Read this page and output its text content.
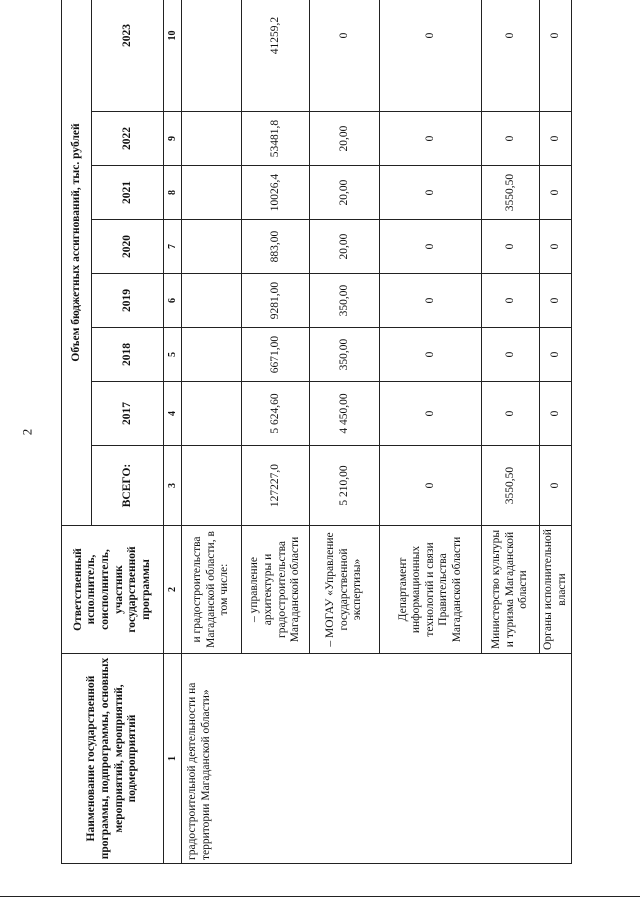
2
Наименование государственной программы, подпрограммы, основных мероприятий, мероприятий, подмероприятий	Ответственный исполнитель, соисполнитель, участник государственной программы	Объем бюджетных ассигнований, тыс. рублей							
		ВСЕГО:	2017	2018	2019	2020	2021	2022	2023
1	2	3	4	5	6	7	8	9	10
градостроительной деятельности на территории Магаданской области»	и градостроительства Магаданской области, в том числе:								
	– управление архитектуры и градостроительства Магаданской области	127227,0	5 624,60	6671,00	9281,00	883,00	10026,4	53481,8	41259,2
	– МОГАУ «Управление государственной экспертизы»	5 210,00	4 450,00	350,00	350,00	20,00	20,00	20,00	0
	Департамент информационных технологий и связи Правительства Магаданской области	0	0	0	0	0	0	0	0
	Министерство культуры и туризма Магаданской области	3550,50	0	0	0	0	3550,50	0	0
	Органы исполнительной власти	0	0	0	0	0	0	0	0
